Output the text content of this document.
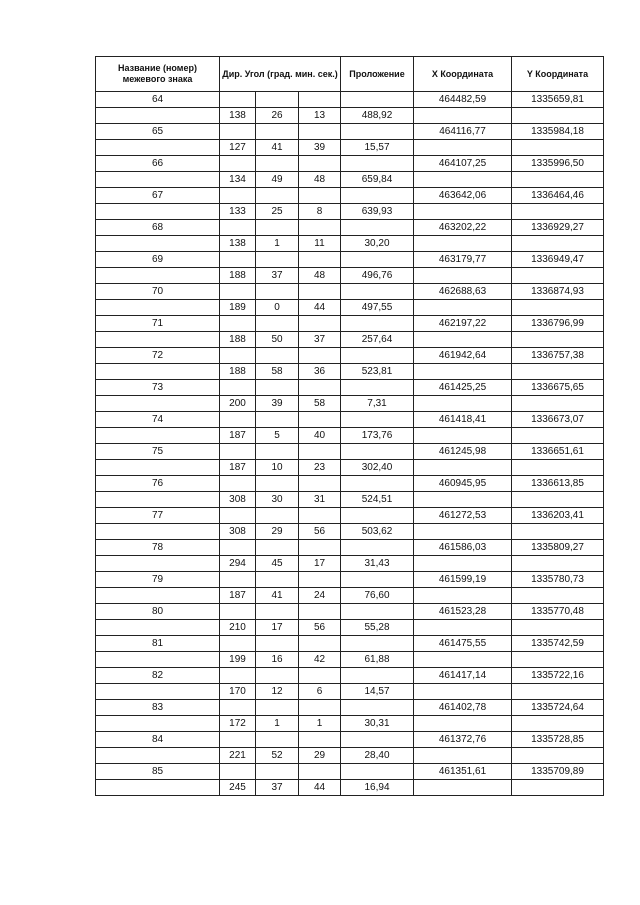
Название (номер) межевого знака	Дир. Угол (град. мин. сек.)			Проложение	X Координата	Y Координата
64					464482,59	1335659,81
	138	26	13	488,92		
65					464116,77	1335984,18
	127	41	39	15,57		
66					464107,25	1335996,50
	134	49	48	659,84		
67					463642,06	1336464,46
	133	25	8	639,93		
68					463202,22	1336929,27
	138	1	11	30,20		
69					463179,77	1336949,47
	188	37	48	496,76		
70					462688,63	1336874,93
	189	0	44	497,55		
71					462197,22	1336796,99
	188	50	37	257,64		
72					461942,64	1336757,38
	188	58	36	523,81		
73					461425,25	1336675,65
	200	39	58	7,31		
74					461418,41	1336673,07
	187	5	40	173,76		
75					461245,98	1336651,61
	187	10	23	302,40		
76					460945,95	1336613,85
	308	30	31	524,51		
77					461272,53	1336203,41
	308	29	56	503,62		
78					461586,03	1335809,27
	294	45	17	31,43		
79					461599,19	1335780,73
	187	41	24	76,60		
80					461523,28	1335770,48
	210	17	56	55,28		
81					461475,55	1335742,59
	199	16	42	61,88		
82					461417,14	1335722,16
	170	12	6	14,57		
83					461402,78	1335724,64
	172	1	1	30,31		
84					461372,76	1335728,85
	221	52	29	28,40		
85					461351,61	1335709,89
	245	37	44	16,94		
